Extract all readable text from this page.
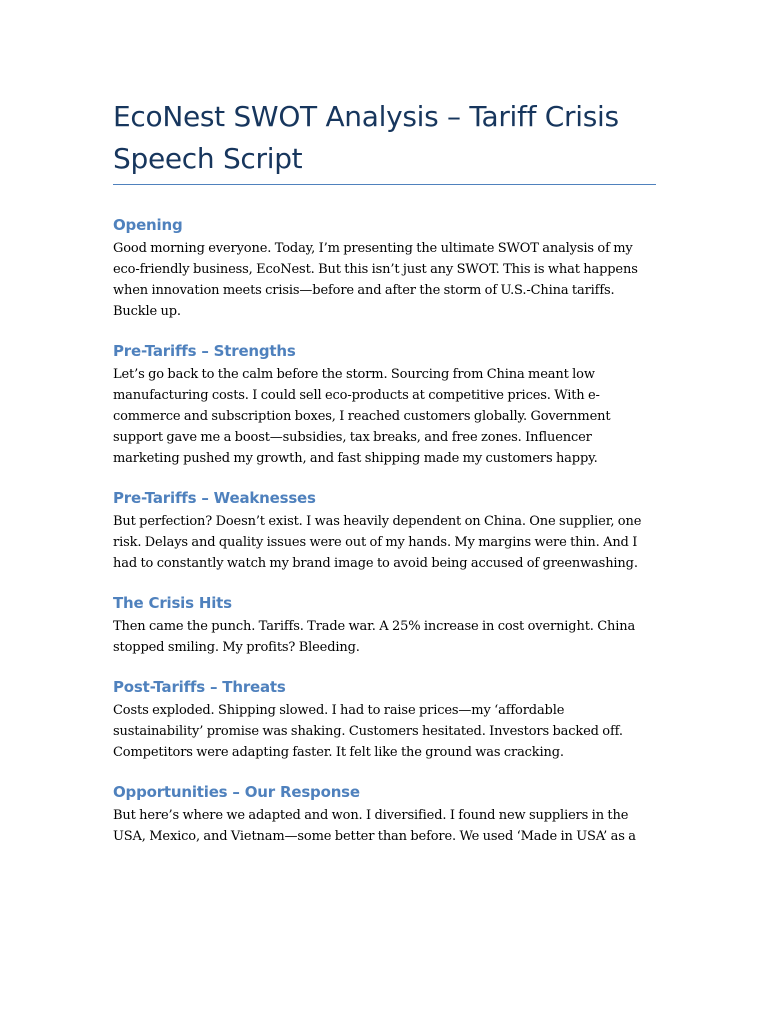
EcoNest SWOT Analysis – Tariff Crisis
Speech Script
Opening

Good morning everyone. Today, I’m presenting the ultimate SWOT analysis of my eco-friendly business, EcoNest. But this isn’t just any SWOT. This is what happens when innovation meets crisis—before and after the storm of U.S.-China tariffs. Buckle up.

Pre-Tariffs – Strengths

Let’s go back to the calm before the storm. Sourcing from China meant low manufacturing costs. I could sell eco-products at competitive prices. With e-commerce and subscription boxes, I reached customers globally. Government support gave me a boost—subsidies, tax breaks, and free zones. Influencer marketing pushed my growth, and fast shipping made my customers happy.

Pre-Tariffs – Weaknesses

But perfection? Doesn’t exist. I was heavily dependent on China. One supplier, one risk. Delays and quality issues were out of my hands. My margins were thin. And I had to constantly watch my brand image to avoid being accused of greenwashing.

The Crisis Hits

Then came the punch. Tariffs. Trade war. A 25% increase in cost overnight. China stopped smiling. My profits? Bleeding.

Post-Tariffs – Threats

Costs exploded. Shipping slowed. I had to raise prices—my ‘affordable sustainability’ promise was shaking. Customers hesitated. Investors backed off. Competitors were adapting faster. It felt like the ground was cracking.

Opportunities – Our Response

But here’s where we adapted and won. I diversified. I found new suppliers in the USA, Mexico, and Vietnam—some better than before. We used ‘Made in USA’ as a
